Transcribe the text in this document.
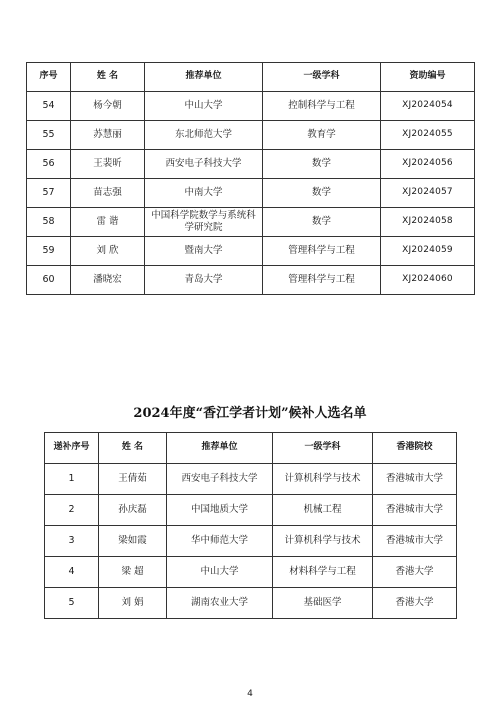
序号	姓 名	推荐单位	一级学科	资助编号
54	杨今朝	中山大学	控制科学与工程	XJ2024054
55	苏慧丽	东北师范大学	教育学	XJ2024055
56	王裴昕	西安电子科技大学	数学	XJ2024056
57	苗志强	中南大学	数学	XJ2024057
58	雷 谐	中国科学院数学与系统科学研究院	数学	XJ2024058
59	刘 欣	暨南大学	管理科学与工程	XJ2024059
60	潘晓宏	青岛大学	管理科学与工程	XJ2024060
2024年度“香江学者计划”候补人选名单
递补序号	姓 名	推荐单位	一级学科	香港院校
1	王倩茹	西安电子科技大学	计算机科学与技术	香港城市大学
2	孙庆磊	中国地质大学	机械工程	香港城市大学
3	梁如霞	华中师范大学	计算机科学与技术	香港城市大学
4	梁 超	中山大学	材料科学与工程	香港大学
5	刘 娟	湖南农业大学	基础医学	香港大学
4
